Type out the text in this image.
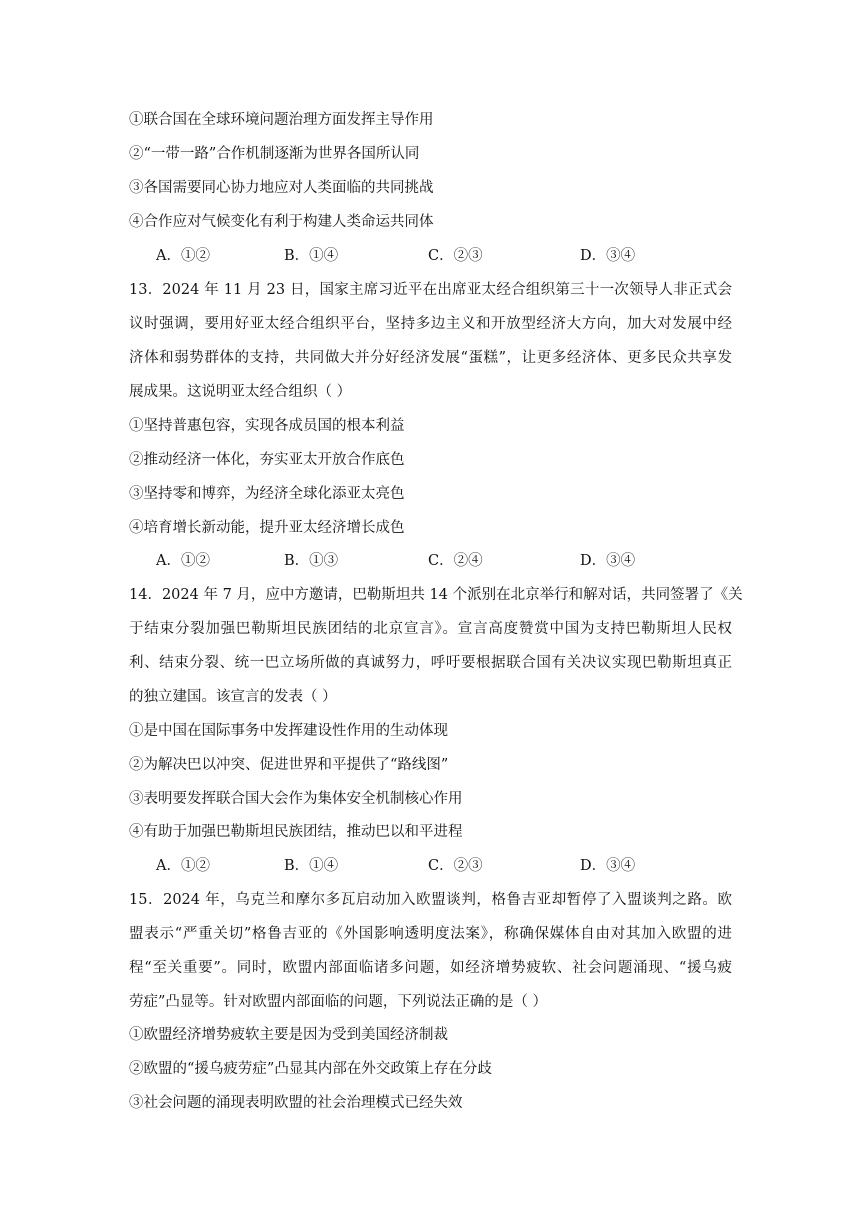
①联合国在全球环境问题治理方面发挥主导作用
②“一带一路”合作机制逐渐为世界各国所认同
③各国需要同心协力地应对人类面临的共同挑战
④合作应对气候变化有利于构建人类命运共同体
A．①②	B．①④	C．②③	D．③④
13．2024 年 11 月 23 日，国家主席习近平在出席亚太经合组织第三十一次领导人非正式会
议时强调，要用好亚太经合组织平台，坚持多边主义和开放型经济大方向，加大对发展中经
济体和弱势群体的支持，共同做大并分好经济发展“蛋糕”，让更多经济体、更多民众共享发
展成果。这说明亚太经合组织（ ）
①坚持普惠包容，实现各成员国的根本利益
②推动经济一体化，夯实亚太开放合作底色
③坚持零和博弈，为经济全球化添亚太亮色
④培育增长新动能，提升亚太经济增长成色
A．①②	B．①③	C．②④	D．③④
14．2024 年 7 月，应中方邀请，巴勒斯坦共 14 个派别在北京举行和解对话，共同签署了《关
于结束分裂加强巴勒斯坦民族团结的北京宣言》。宣言高度赞赏中国为支持巴勒斯坦人民权
利、结束分裂、统一巴立场所做的真诚努力，呼吁要根据联合国有关决议实现巴勒斯坦真正
的独立建国。该宣言的发表（ ）
①是中国在国际事务中发挥建设性作用的生动体现
②为解决巴以冲突、促进世界和平提供了“路线图”
③表明要发挥联合国大会作为集体安全机制核心作用
④有助于加强巴勒斯坦民族团结，推动巴以和平进程
A．①②	B．①④	C．②③	D．③④
15．2024 年，乌克兰和摩尔多瓦启动加入欧盟谈判，格鲁吉亚却暂停了入盟谈判之路。欧
盟表示“严重关切”格鲁吉亚的《外国影响透明度法案》，称确保媒体自由对其加入欧盟的进
程“至关重要”。同时，欧盟内部面临诸多问题，如经济增势疲软、社会问题涌现、“援乌疲
劳症”凸显等。针对欧盟内部面临的问题，下列说法正确的是（ ）
①欧盟经济增势疲软主要是因为受到美国经济制裁
②欧盟的“援乌疲劳症”凸显其内部在外交政策上存在分歧
③社会问题的涌现表明欧盟的社会治理模式已经失效
